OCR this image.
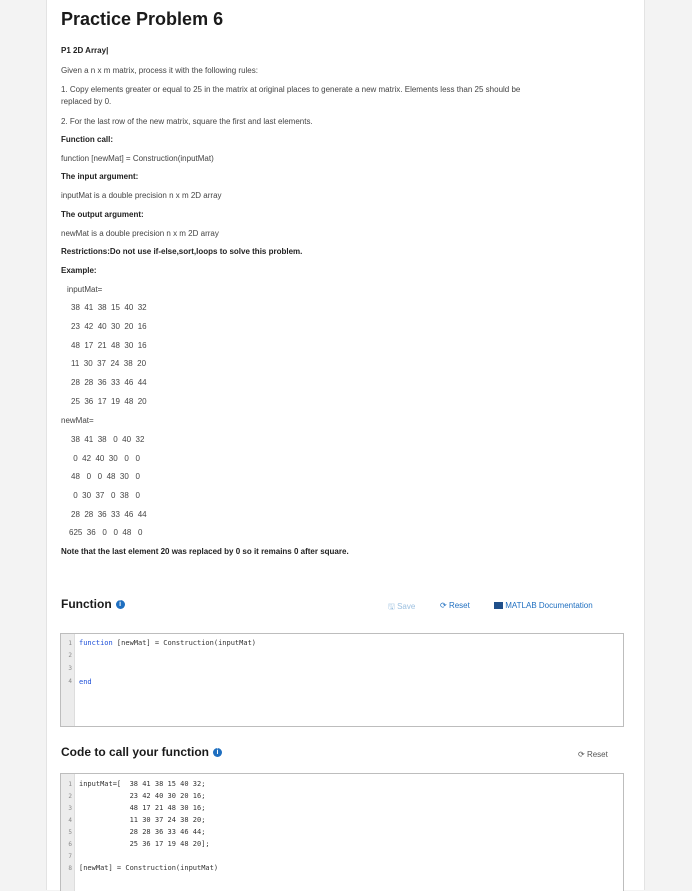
Practice Problem 6
P1 2D Array|
Given a n x m matrix, process it with the following rules:
1. Copy elements greater or equal to 25 in the matrix at original places to generate a new matrix. Elements less than 25 should be
replaced by 0.
2. For the last row of the new matrix, square the first and last elements.
Function call:
function [newMat] = Construction(inputMat)
The input argument:
inputMat is a double precision n x m 2D array
The output argument:
newMat is a double precision n x m 2D array
Restrictions:Do not use if-else,sort,loops to solve this problem.
Example:
inputMat=
38  41  38  15  40  32
23  42  40  30  20  16
48  17  21  48  30  16
11  30  37  24  38  20
28  28  36  33  46  44
25  36  17  19  48  20
newMat=
38  41  38   0  40  32
0  42  40  30   0   0
48   0   0  48  30   0
0  30  37   0  38   0
28  28  36  33  46  44
625  36   0   0  48   0
Note that the last element 20 was replaced by 0 so it remains 0 after square.
Function i	🖫 Save	⟳ Reset	MATLAB Documentation
1
2
3
4
function [newMat] = Construction(inputMat)
end
Code to call your function i	⟳ Reset
1
2
3
4
5
6
7
8
inputMat=[  38 41 38 15 40 32;
23 42 40 30 20 16;
48 17 21 48 30 16;
11 30 37 24 38 20;
28 28 36 33 46 44;
25 36 17 19 48 20];
[newMat] = Construction(inputMat)
